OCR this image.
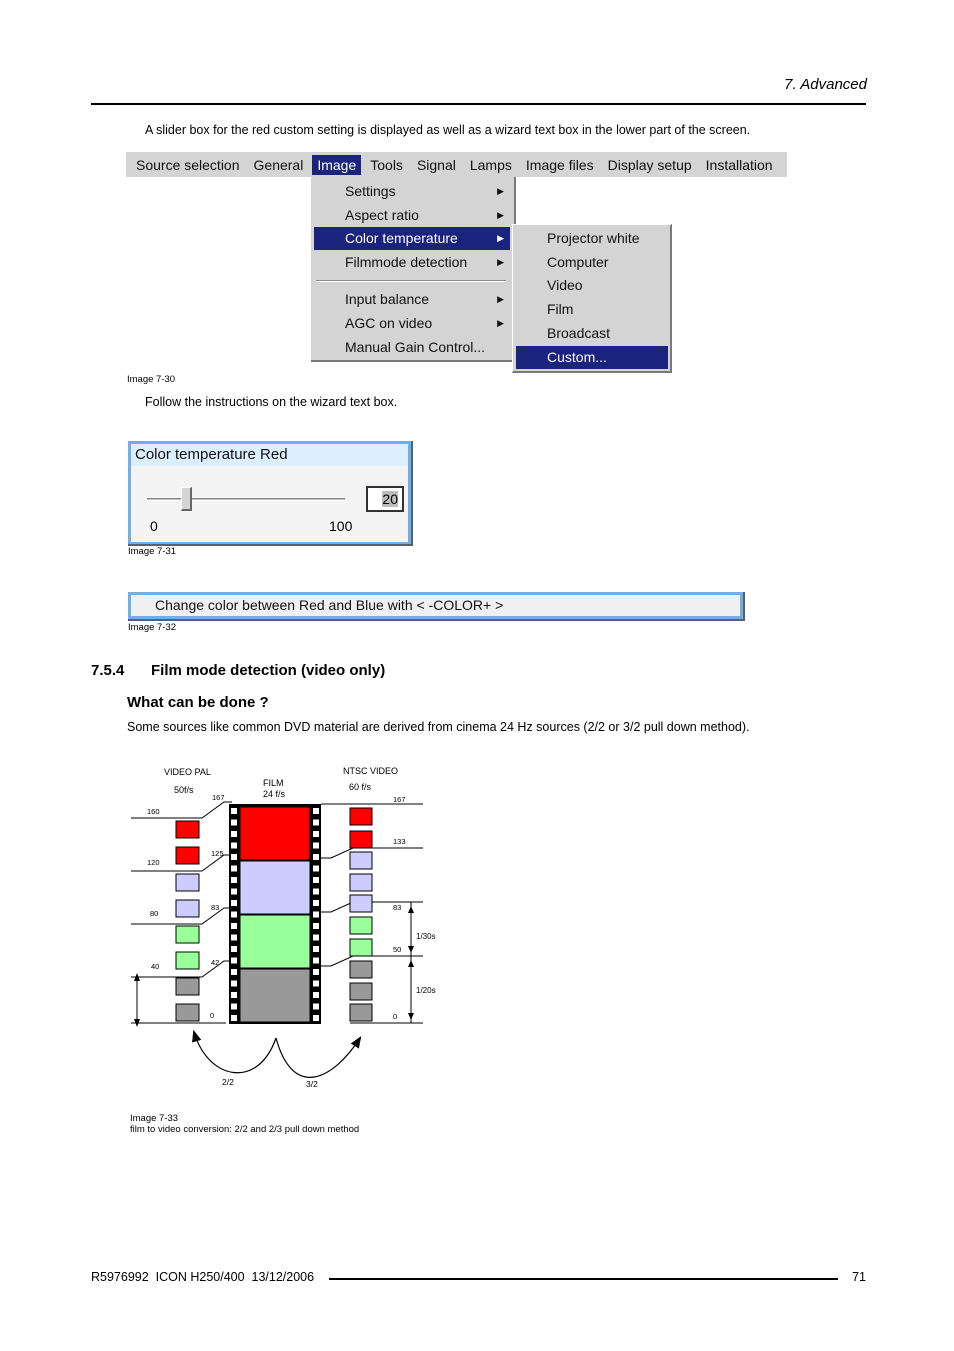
7. Advanced
A slider box for the red custom setting is displayed as well as a wizard text box in the lower part of the screen.
Source selection General	Image	Tools Signal Lamps Image files Display setup Installation
Settings	▶
Aspect ratio	▶
Color temperature	▶
Filmmode detection	▶
Input balance	▶
AGC on video	▶
Manual Gain Control...
Projector white
Computer
Video
Film
Broadcast
Custom...
Image 7-30
Follow the instructions on the wizard text box.
Color temperature Red
20
0	100
Image 7-31
Change color between Red and Blue with < -COLOR+ >
Image 7-32
7.5.4 Film mode detection (video only)
What can be done ?
Some sources like common DVD material are derived from cinema 24 Hz sources (2/2 or 3/2 pull down method).
VIDEO PAL
50f/s
FILM
24 f/s
NTSC VIDEO
60 f/s
160
120
80
40
167
125
83
42
0
167
133
83
50
0
1/30s
1/20s
2/2	3/2
Image 7-33
film to video conversion: 2/2 and 2/3 pull down method
R5976992  ICON H250/400  13/12/2006	71
